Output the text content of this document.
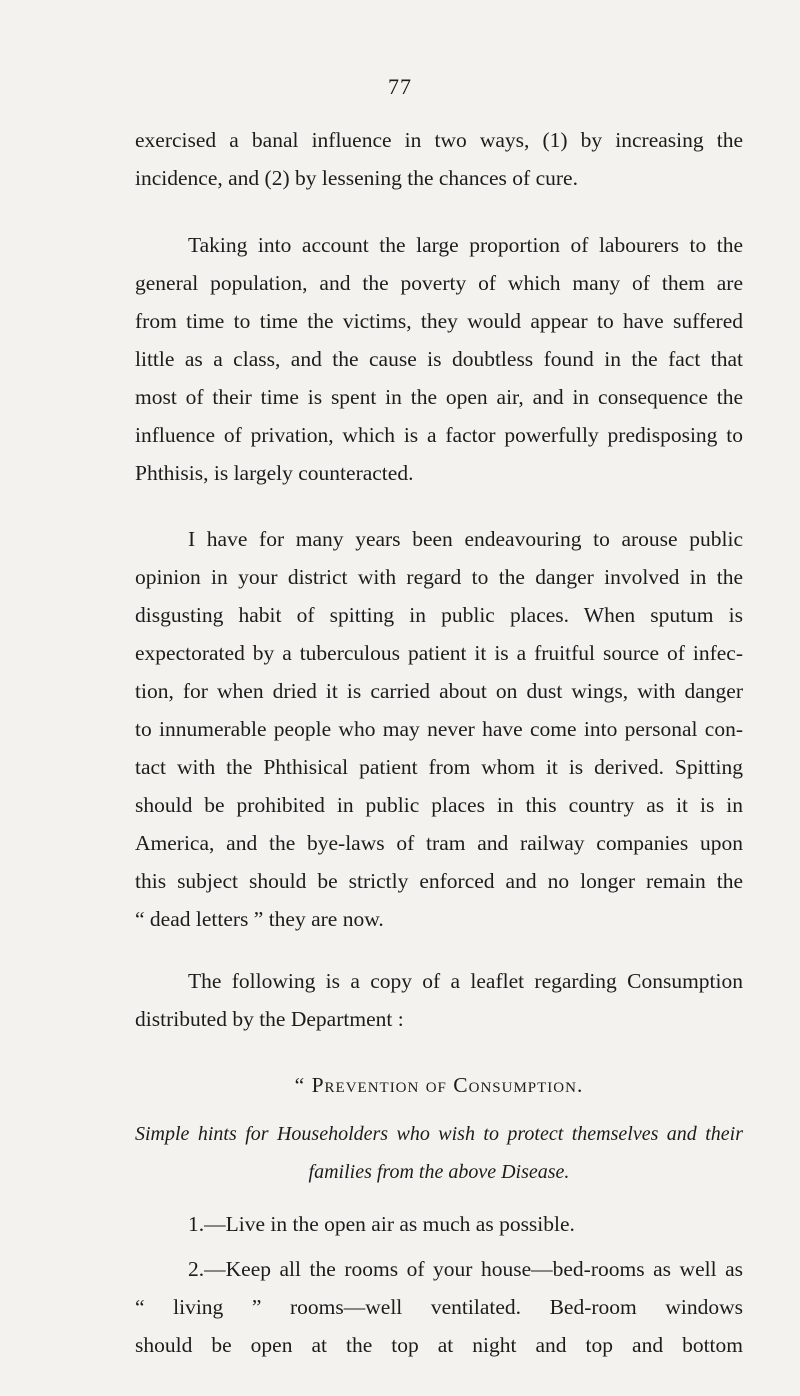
77
exercised a banal influence in two ways, (1) by increasing the
incidence, and (2) by lessening the chances of cure.
Taking into account the large proportion of labourers to the
general population, and the poverty of which many of them are
from time to time the victims, they would appear to have suffered
little as a class, and the cause is doubtless found in the fact that
most of their time is spent in the open air, and in consequence the
influence of privation, which is a factor powerfully predisposing to
Phthisis, is largely counteracted.
I have for many years been endeavouring to arouse public
opinion in your district with regard to the danger involved in the
disgusting habit of spitting in public places. When sputum is
expectorated by a tuberculous patient it is a fruitful source of infec-
tion, for when dried it is carried about on dust wings, with danger
to innumerable people who may never have come into personal con-
tact with the Phthisical patient from whom it is derived. Spitting
should be prohibited in public places in this country as it is in
America, and the bye-laws of tram and railway companies upon
this subject should be strictly enforced and no longer remain the
“ dead letters ” they are now.
The following is a copy of a leaflet regarding Consumption
distributed by the Department :
“ Prevention of Consumption.
Simple hints for Householders who wish to protect themselves and their
families from the above Disease.
1.—Live in the open air as much as possible.
2.—Keep all the rooms of your house—bed-rooms as well as
“ living ” rooms—well ventilated. Bed-room windows
should be open at the top at night and top and bottom
